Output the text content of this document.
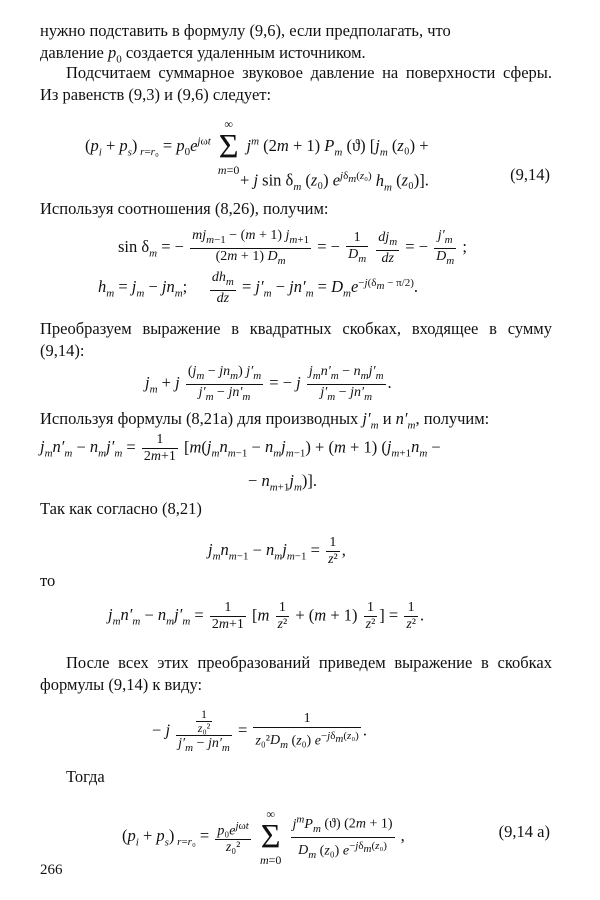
нужно подставить в формулу (9,6), если предполагать, что
давление $p_0$ создается удаленным источником.
Подсчитаем суммарное звуковое давление на поверхности сферы. Из равенств (9,3) и (9,6) следует:
$(p_i + p_s) _{r=r_0} = p_0e^{j\omega t}$ ∞
Σ
m=0 $j^m$ (2m + 1) $P_m$ (ϑ) [$j_m$ (z₀) +
+ j $\sin \delta_m$ (z₀) $e^{j\delta_m(z_0)}$ $h_m$ (z₀)].	(9,14)
Используя соотношения (8,26), получим:
$\sin \delta_m$ = − $\frac{mj_{m-1} - (m + 1) j_{m+1}}{(2m + 1) D_m}$ = − $\frac{1}{D_m}$
$\frac{dj_m}{dz}$ = − $\frac{j'_m}{D_m}$ ;
$h_m = j_m - jn_m$; $\frac{dh_m}{dz} = j'_m - jn'_m = D_me^{-j(\delta_m - \pi/2)}$.
Преобразуем выражение в квадратных скобках, входящее в сумму (9,14):
$j_m + j \frac{(j_m - jn_m) j'_m}{j'_m - jn'_m}$ = − j $\frac{j_mn'_m - n_mj'_m}{j'_m - jn'_m}$ .
Используя формулы (8,21а) для производных $j'_m$ и $n'_m$, получим:
$j_mn'_m - n_mj'_m = \frac{1}{2m+1} [m(j_mn_{m-1} - n_mj_{m-1}) + (m + 1) (j_{m+1}n_m$ −
− $n_{m+1}j_m$)].
Так как согласно (8,21)
$j_mn_{m-1} - n_mj_{m-1} = \frac{1}{\text{z²}}$ ,
то
$j_mn'_m - n_mj'_m = \frac{1}{2m+1} [m \frac{1}{\text{z²}} + (m + 1) \frac{1}{\text{z²}}$ ] = $\frac{1}{\text{z²}}$ .
После всех этих преобразований приведем выражение в скобках формулы (9,14) к виду:
− j $\frac{\frac{1}{\text{z₀²}}}{j'_m - jn'_m} = \frac{1}{z_0^2D_m (z_0) e^{-j\delta_m(z_0)}}$ .
Тогда
$(p_i + p_s) _{r=r_0} = \frac{p_0e^{j\omega t}}{\text{z₀²}}$
∞
Σ
$m=0 \frac{j^mP_m (ϑ) (2m + 1)}{D_m (z_0) e^{-j\delta_m(z_0)}}$ ,	(9,14 а)
266
